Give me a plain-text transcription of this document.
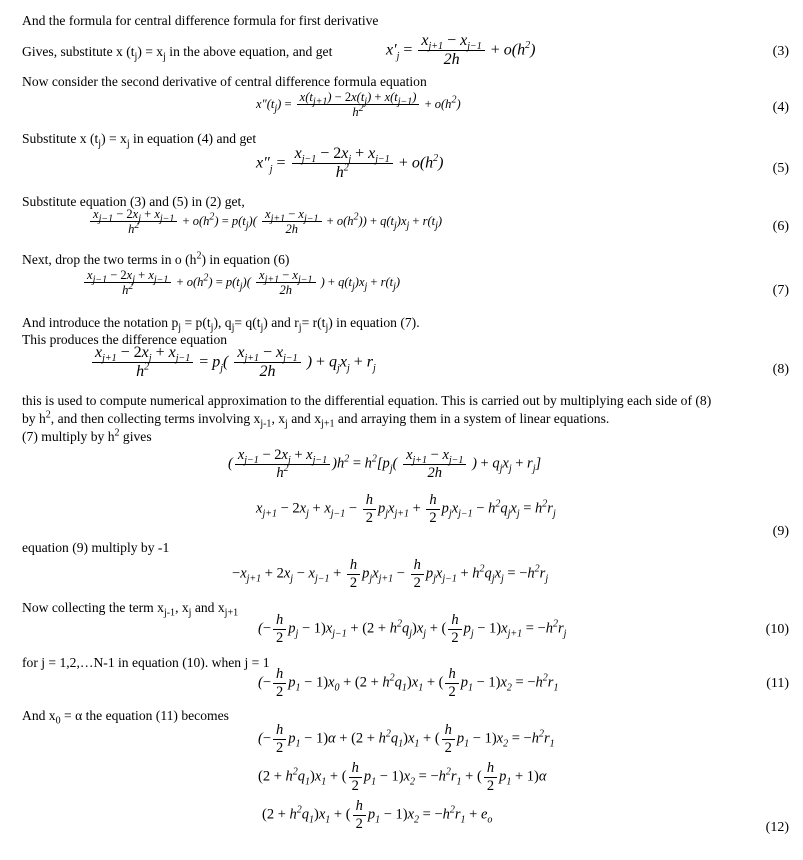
And the formula for central difference formula for first derivative
Gives, substitute x $(t_j) = x_j$ in the above equation, and get	$x'_j = \frac{x_{j+1} - x_{j-1}}{2h} + o(h^2)$	(3)
Now consider the second derivative of central difference formula equation
$x''(t_j) = \frac{x(t_{j+1}) - 2x(t_j) + x(t_{j-1})}{h^2} + o(h^2)$	(4)
Substitute x $(t_j) = x_j$ in equation (4) and get
$x''_j = \frac{x_{j-1} - 2x_j + x_{j-1}}{h^2} + o(h^2)$	(5)
Substitute equation (3) and (5) in (2) get,
$\frac{x_{j-1} - 2x_j + x_{j-1}}{h^2} + o(h^2) = p(t_j)( \frac{x_{j+1} - x_{j-1}}{2h} + o(h^2)) + q(t_j)x_j + r(t_j)$	(6)
Next, drop the two terms in o $(h^2)$ in equation (6)
$\frac{x_{j-1} - 2x_j + x_{j-1}}{h^2} + o(h^2) = p(t_j)( \frac{x_{j+1} - x_{j-1}}{2h}$ ) + $q(t_j)x_j + r(t_j)$
(7)
And introduce the notation $p_j = p(t_j)$, $q_j= q(t_j)$ and $r_j= r(t_j)$ in equation (7).
This produces the difference equation
$\frac{x_{j+1} - 2x_j + x_{j-1}}{h^2} = p_j( \frac{x_{j+1} - x_{j-1}}{2h}$ ) + $q_jx_j + r_j$	(8)
this is used to compute numerical approximation to the differential equation. This is carried out by multiplying each side of (8)
by $h^2$, and then collecting terms involving $x_{j-1}$, $x_j$ and $x_{j+1}$ and arraying them in a system of linear equations.
(7) multiply by $h^2$ gives
( $\frac{x_{j-1} - 2x_j + x_{j-1}}{h^2} )h^2 = h^2[p_j( \frac{x_{j+1} - x_{j-1}}{2h}$ ) + $q_jx_j + r_j$]
$x_{j+1} - 2x_j + x_{j-1} - \frac{h}{2} p_jx_{j+1} + \frac{h}{2} p_jx_{j-1} - h^2q_jx_j = h^2r_j$
(9)
equation (9) multiply by -1
$-x_{j+1} + 2x_j - x_{j-1} + \frac{h}{2} p_jx_{j+1} - \frac{h}{2} p_jx_{j-1} + h^2q_jx_j = -h^2r_j$
Now collecting the term $x_{j-1}$, $x_j$ and $x_{j+1}$
(− $\frac{h}{2} p_j - 1)x_{j-1} + (2 + h^2q_j)x_j$ + ( $\frac{h}{2} p_j - 1)x_{j+1} = -h^2r_j$	(10)
for j = 1,2,…N-1 in equation (10). when j = 1
(− $\frac{h}{2} p_1 - 1)x_0 + (2 + h^2q_1)x_1$ + ( $\frac{h}{2} p_1 - 1)x_2 = -h^2r_1$	(11)
And $x_0 = \alpha$ the equation (11) becomes
(− $\frac{h}{2} p_1 - 1)\alpha + (2 + h^2q_1)x_1$ + ( $\frac{h}{2} p_1 - 1)x_2 = -h^2r_1$
$(2 + h^2q_1)x_1$ + ( $\frac{h}{2} p_1 - 1)x_2 = -h^2r_1$ + ( $\frac{h}{2} p_1 + 1)\alpha$
$(2 + h^2q_1)x_1$ + ( $\frac{h}{2} p_1 - 1)x_2 = -h^2r_1 + e_o$
(12)
